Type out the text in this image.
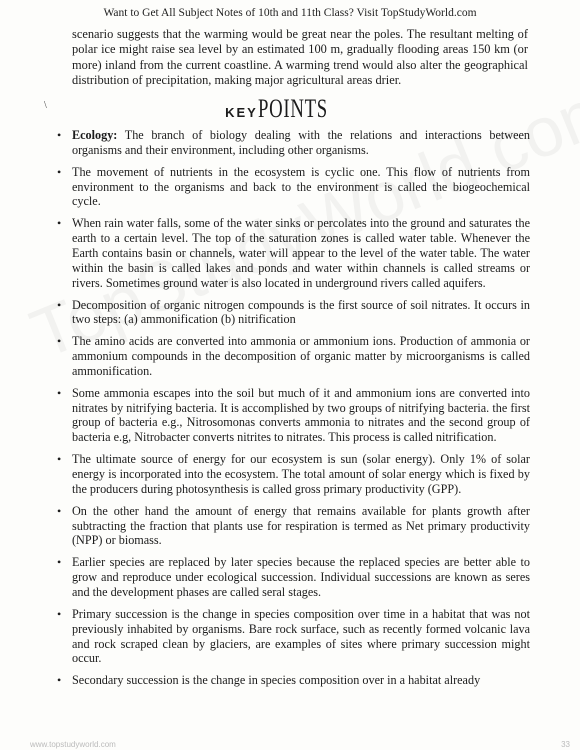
Want to Get All Subject Notes of 10th and 11th Class? Visit TopStudyWorld.com
scenario suggests that the warming would be great near the poles. The resultant melting of polar ice might raise sea level by an estimated 100 m, gradually flooding areas 150 km (or more) inland from the current coastline. A warming trend would also alter the geographical distribution of precipitation, making major agricultural areas drier.
\	KEYPOINTS
• Ecology: The branch of biology dealing with the relations and interactions between organisms and their environment, including other organisms.
• The movement of nutrients in the ecosystem is cyclic one. This flow of nutrients from environment to the organisms and back to the environment is called the biogeochemical cycle.
• When rain water falls, some of the water sinks or percolates into the ground and saturates the earth to a certain level. The top of the saturation zones is called water table. Whenever the Earth contains basin or channels, water will appear to the level of the water table. The water within the basin is called lakes and ponds and water within channels is called streams or rivers. Sometimes ground water is also located in underground rivers called aquifers.
• Decomposition of organic nitrogen compounds is the first source of soil nitrates. It occurs in two steps: (a) ammonification (b) nitrification
• The amino acids are converted into ammonia or ammonium ions. Production of ammonia or ammonium compounds in the decomposition of organic matter by microorganisms is called ammonification.
• Some ammonia escapes into the soil but much of it and ammonium ions are converted into nitrates by nitrifying bacteria. It is accomplished by two groups of nitrifying bacteria. the first group of bacteria e.g., Nitrosomonas converts ammonia to nitrates and the second group of bacteria e.g, Nitrobacter converts nitrites to nitrates. This process is called nitrification.
• The ultimate source of energy for our ecosystem is sun (solar energy). Only 1% of solar energy is incorporated into the ecosystem. The total amount of solar energy which is fixed by the producers during photosynthesis is called gross primary productivity (GPP).
• On the other hand the amount of energy that remains available for plants growth after subtracting the fraction that plants use for respiration is termed as Net primary productivity (NPP) or biomass.
• Earlier species are replaced by later species because the replaced species are better able to grow and reproduce under ecological succession. Individual successions are known as seres and the development phases are called seral stages.
• Primary succession is the change in species composition over time in a habitat that was not previously inhabited by organisms. Bare rock surface, such as recently formed volcanic lava and rock scraped clean by glaciers, are examples of sites where primary succession might occur.
• Secondary succession is the change in species composition over in a habitat already
www.topstudyworld.com	33
